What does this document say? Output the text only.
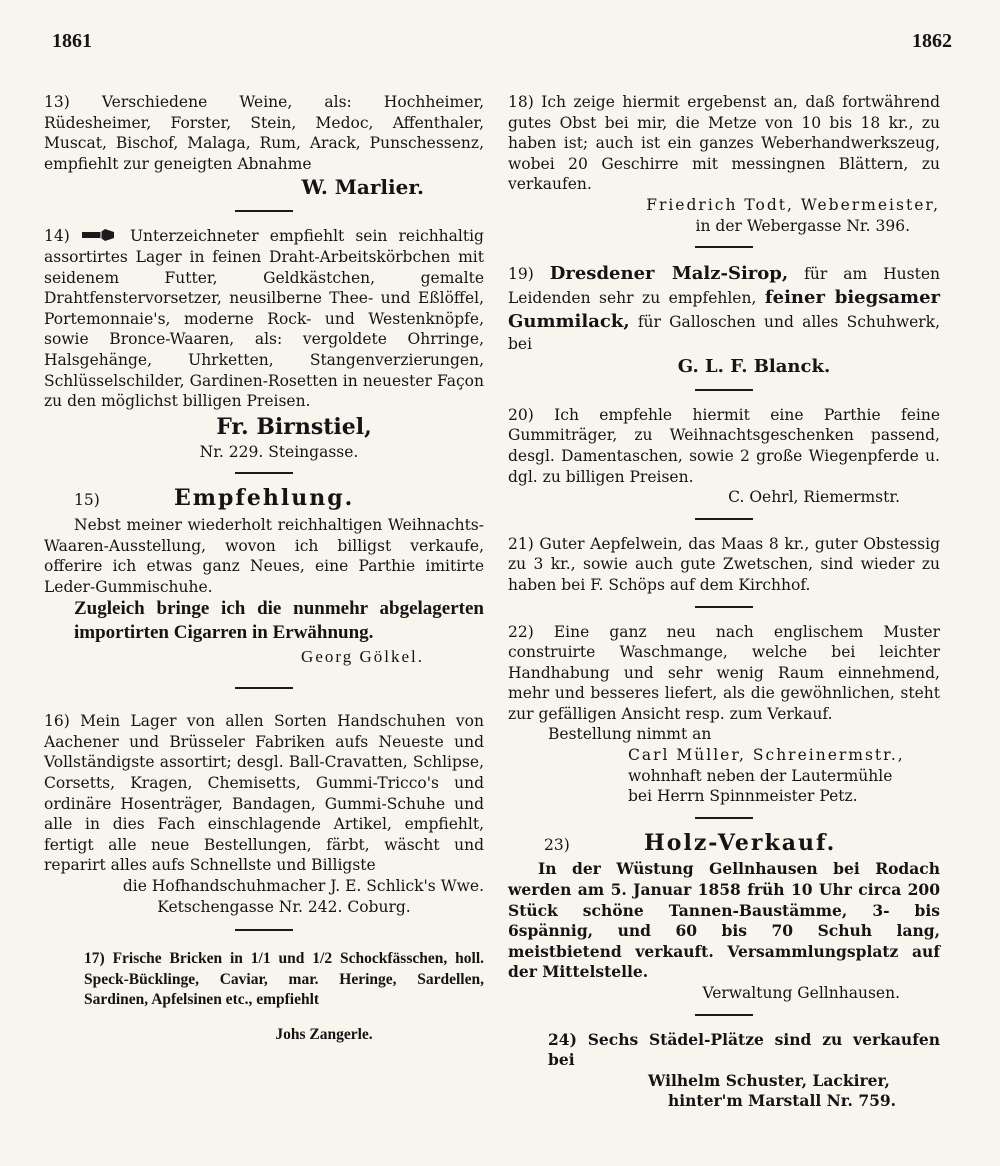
1861	1862

13) Verschiedene Weine, als: Hochheimer, Rüdesheimer, Forster, Stein, Medoc, Affenthaler, Muscat, Bischof, Malaga, Rum, Arack, Punschessenz, empfiehlt zur geneigten Abnahme

W. Marlier.

14)	Unterzeichneter empfiehlt sein reichhaltig assortirtes Lager in feinen Draht-Arbeitskörbchen mit seidenem Futter, Geldkästchen, gemalte Drahtfenstervorsetzer, neusilberne Thee- und Eßlöffel, Portemonnaie's, moderne Rock- und Westenknöpfe, sowie Bronce-Waaren, als: vergoldete Ohrringe, Halsgehänge, Uhrketten, Stangenverzierungen, Schlüsselschilder, Gardinen-Rosetten in neuester Façon zu den möglichst billigen Preisen.

Fr. Birnstiel,
Nr. 229. Steingasse.
15)	Empfehlung.

Nebst meiner wiederholt reichhaltigen Weihnachts-Waaren-Ausstellung, wovon ich billigst verkaufe, offerire ich etwas ganz Neues, eine Parthie imitirte Leder-Gummischuhe.

Zugleich bringe ich die nunmehr abgelagerten importirten Cigarren in Erwähnung.

Georg Gölkel.

16) Mein Lager von allen Sorten Handschuhen von Aachener und Brüsseler Fabriken aufs Neueste und Vollständigste assortirt; desgl. Ball-Cravatten, Schlipse, Corsetts, Kragen, Chemisetts, Gummi-Tricco's und ordinäre Hosenträger, Bandagen, Gummi-Schuhe und alle in dies Fach einschlagende Artikel, empfiehlt, fertigt alle neue Bestellungen, färbt, wäscht und reparirt alles aufs Schnellste und Billigste

die Hofhandschuhmacher J. E. Schlick's Wwe.
Ketschengasse Nr. 242. Coburg.

17) Frische Bricken in 1/1 und 1/2 Schockfässchen, holl. Speck-Bücklinge, Caviar, mar. Heringe, Sardellen, Sardinen, Apfelsinen etc., empfiehlt

Johs Zangerle.

18) Ich zeige hiermit ergebenst an, daß fortwährend gutes Obst bei mir, die Metze von 10 bis 18 kr., zu haben ist; auch ist ein ganzes Weberhandwerkszeug, wobei 20 Geschirre mit messingnen Blättern, zu verkaufen.

Friedrich Todt, Webermeister,
in der Webergasse Nr. 396.

19) Dresdener Malz-Sirop, für am Husten Leidenden sehr zu empfehlen, feiner biegsamer Gummilack, für Galloschen und alles Schuhwerk, bei

G. L. F. Blanck.

20) Ich empfehle hiermit eine Parthie feine Gummiträger, zu Weihnachtsgeschenken passend, desgl. Damentaschen, sowie 2 große Wiegenpferde u. dgl. zu billigen Preisen.

C. Oehrl, Riemermstr.

21) Guter Aepfelwein, das Maas 8 kr., guter Obstessig zu 3 kr., sowie auch gute Zwetschen, sind wieder zu haben bei F. Schöps auf dem Kirchhof.

22) Eine ganz neu nach englischem Muster construirte Waschmange, welche bei leichter Handhabung und sehr wenig Raum einnehmend, mehr und besseres liefert, als die gewöhnlichen, steht zur gefälligen Ansicht resp. zum Verkauf.

Bestellung nimmt an
Carl Müller, Schreinermstr.,
wohnhaft neben der Lautermühle
bei Herrn Spinnmeister Petz.
23)	Holz-Verkauf.

In der Wüstung Gellnhausen bei Rodach werden am 5. Januar 1858 früh 10 Uhr circa 200 Stück schöne Tannen-Baustämme, 3- bis 6spännig, und 60 bis 70 Schuh lang, meistbietend verkauft. Versammlungsplatz auf der Mittelstelle.

Verwaltung Gellnhausen.

24) Sechs Städel-Plätze sind zu verkaufen bei

Wilhelm Schuster, Lackirer,
hinter'm Marstall Nr. 759.
